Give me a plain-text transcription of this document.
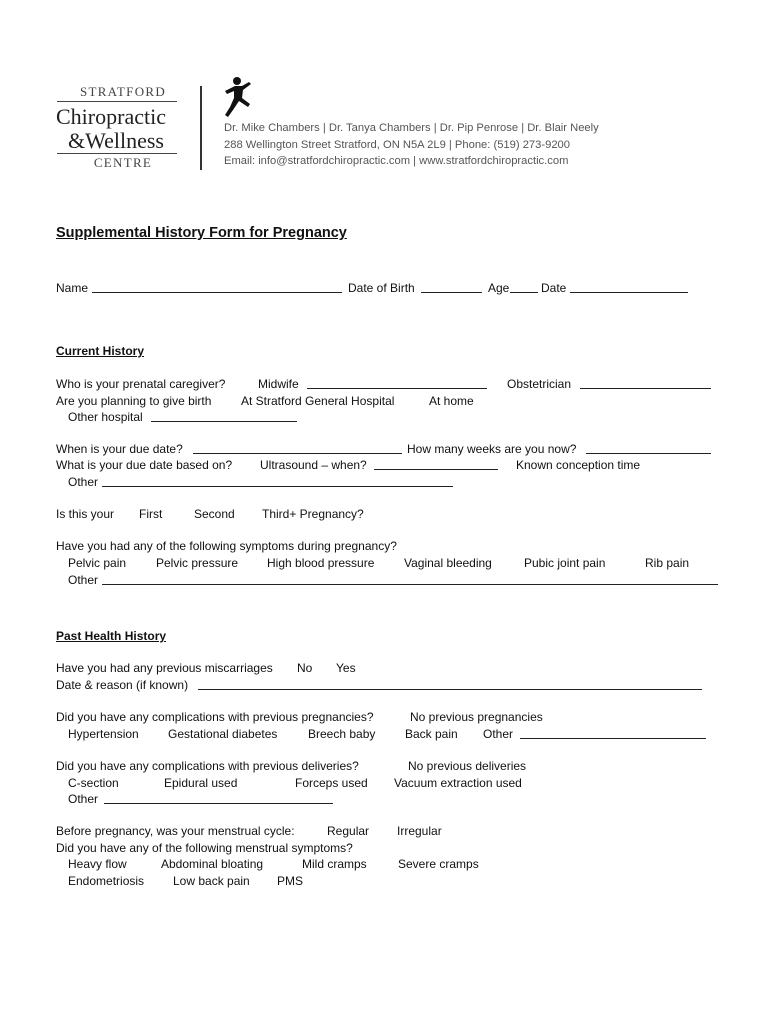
STRATFORD
Chiropractic
&Wellness
CENTRE
Dr. Mike Chambers | Dr. Tanya Chambers | Dr. Pip Penrose | Dr. Blair Neely
288 Wellington Street Stratford, ON N5A 2L9 | Phone: (519) 273-9200
Email: info@stratfordchiropractic.com | www.stratfordchiropractic.com
Supplemental History Form for Pregnancy
Name	Date of Birth	Age	Date
Current History
Who is your prenatal caregiver?	Midwife	Obstetrician
Are you planning to give birth At Stratford General Hospital	At home
Other hospital
When is your due date?	How many weeks are you now?
What is your due date based on? Ultrasound – when?	Known conception time
Other
Is this your First	Second Third+ Pregnancy?
Have you had any of the following symptoms during pregnancy?
Pelvic pain Pelvic pressure High blood pressure Vaginal bleeding	Pubic joint pain	Rib pain
Other
Past Health History
Have you had any previous miscarriages No Yes
Date & reason (if known)
Did you have any complications with previous pregnancies?	No previous pregnancies
Hypertension Gestational diabetes	Breech baby Back pain Other
Did you have any complications with previous deliveries?	No previous deliveries
C-section	Epidural used	Forceps used Vacuum extraction used
Other
Before pregnancy, was your menstrual cycle:	Regular Irregular
Did you have any of the following menstrual symptoms?
Heavy flow	Abdominal bloating	Mild cramps	Severe cramps
Endometriosis Low back pain PMS
